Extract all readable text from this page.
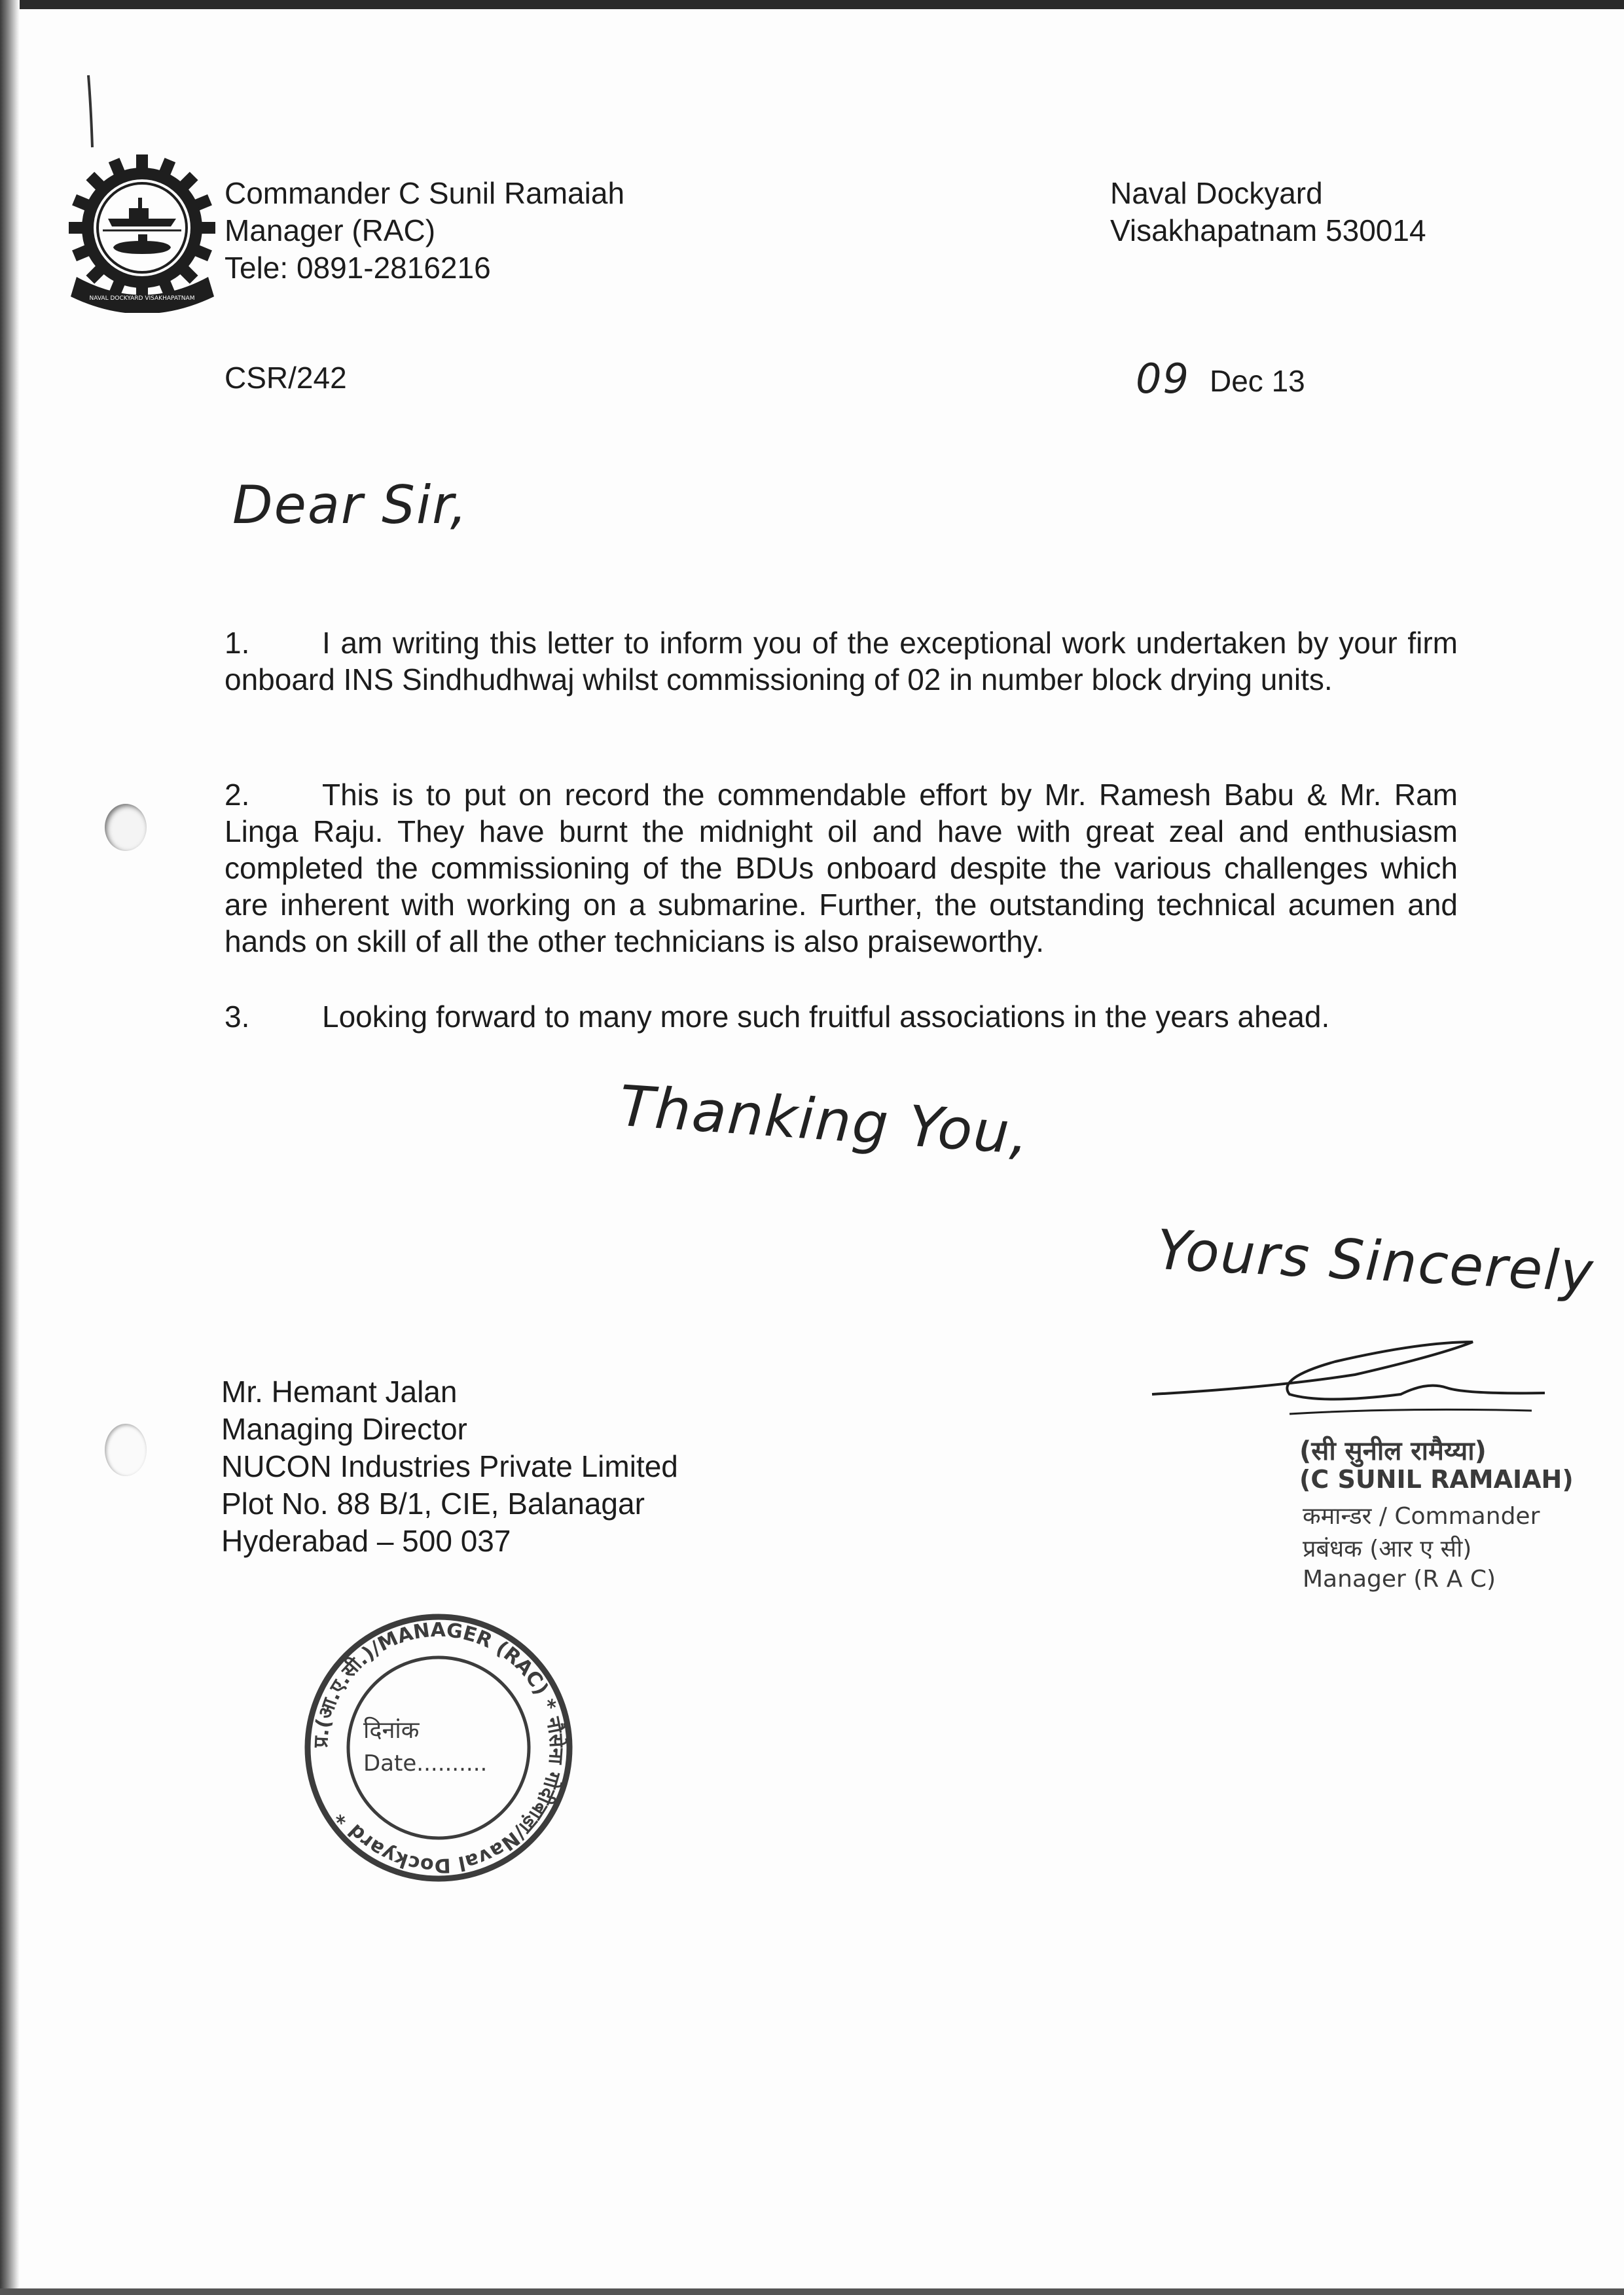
NAVAL DOCKYARD VISAKHAPATNAM

Commander C Sunil Ramaiah

Manager (RAC)

Tele: 0891-2816216

Naval Dockyard

Visakhapatnam 530014

CSR/242	09 Dec 13

Dear Sir,

1. I am writing this letter to inform you of the exceptional work undertaken by your firm onboard INS Sindhudhwaj whilst commissioning of 02 in number block drying units.
2. This is to put on record the commendable effort by Mr. Ramesh Babu & Mr. Ram Linga Raju. They have burnt the midnight oil and have with great zeal and enthusiasm completed the commissioning of the BDUs onboard despite the various challenges which are inherent with working on a submarine. Further, the outstanding technical acumen and hands on skill of all the other technicians is also praiseworthy.
3. Looking forward to many more such fruitful associations in the years ahead.

Thanking You,

Yours Sincerely

Mr. Hemant Jalan

Managing Director

NUCON Industries Private Limited

Plot No. 88 B/1, CIE, Balanagar

Hyderabad – 500 037

(सी सुनील रामैय्या)

(C SUNIL RAMAIAH)

कमान्डर / Commander

प्रबंधक (आर ए सी)

Manager (R A C)

प्र.(आ.ए.सी.)/MANAGER (RAC) * नौसेना गोदीबाड़ा/Naval Dockyard *
दिनांक
Date..........
